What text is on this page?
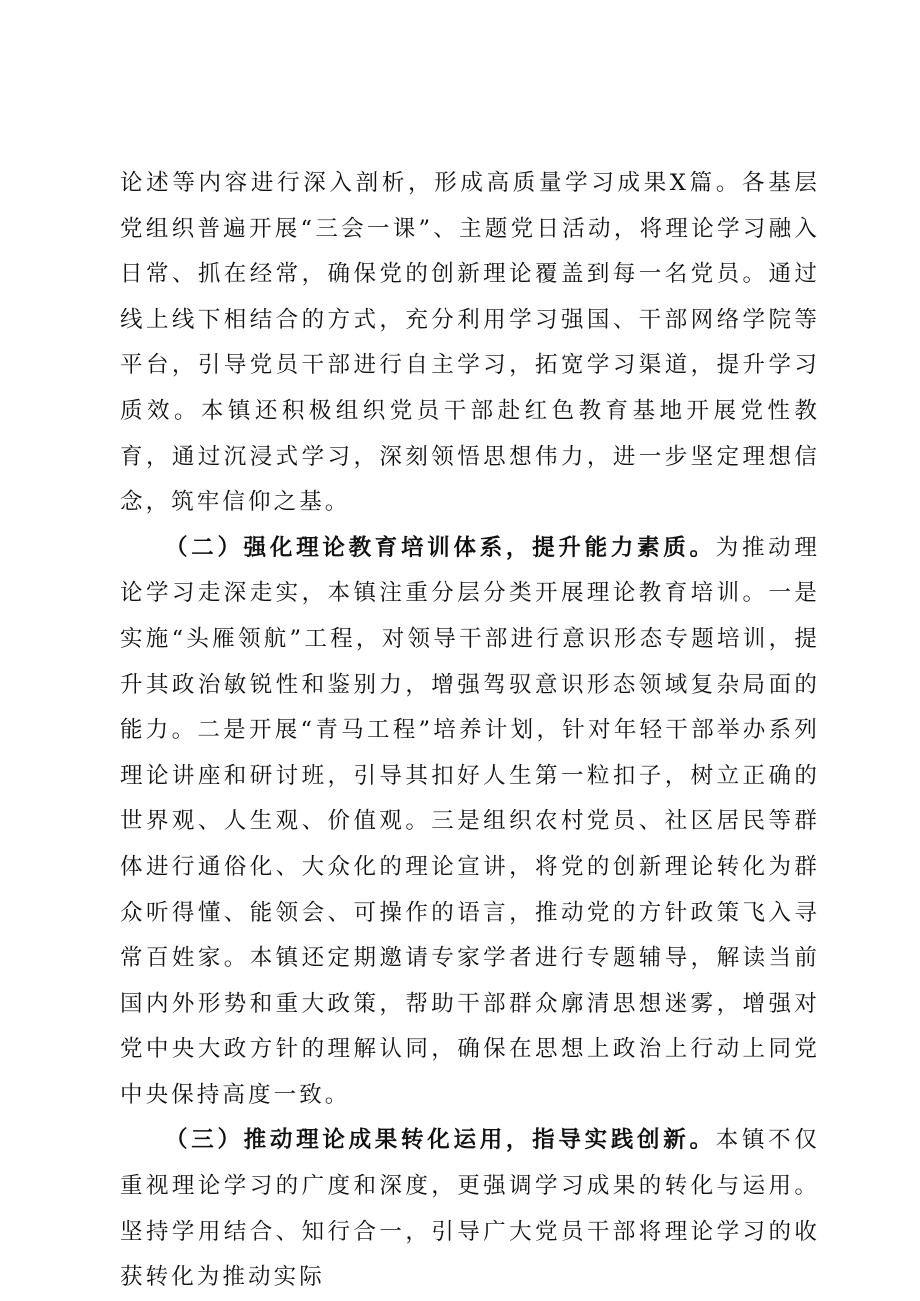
论述等内容进行深入剖析，形成高质量学习成果X篇。各基层党组织普遍开展“三会一课”、主题党日活动，将理论学习融入日常、抓在经常，确保党的创新理论覆盖到每一名党员。通过线上线下相结合的方式，充分利用学习强国、干部网络学院等平台，引导党员干部进行自主学习，拓宽学习渠道，提升学习质效。本镇还积极组织党员干部赴红色教育基地开展党性教育，通过沉浸式学习，深刻领悟思想伟力，进一步坚定理想信念，筑牢信仰之基。

（二）强化理论教育培训体系，提升能力素质。为推动理论学习走深走实，本镇注重分层分类开展理论教育培训。一是实施“头雁领航”工程，对领导干部进行意识形态专题培训，提升其政治敏锐性和鉴别力，增强驾驭意识形态领域复杂局面的能力。二是开展“青马工程”培养计划，针对年轻干部举办系列理论讲座和研讨班，引导其扣好人生第一粒扣子，树立正确的世界观、人生观、价值观。三是组织农村党员、社区居民等群体进行通俗化、大众化的理论宣讲，将党的创新理论转化为群众听得懂、能领会、可操作的语言，推动党的方针政策飞入寻常百姓家。本镇还定期邀请专家学者进行专题辅导，解读当前国内外形势和重大政策，帮助干部群众廓清思想迷雾，增强对党中央大政方针的理解认同，确保在思想上政治上行动上同党中央保持高度一致。

（三）推动理论成果转化运用，指导实践创新。本镇不仅重视理论学习的广度和深度，更强调学习成果的转化与运用。坚持学用结合、知行合一，引导广大党员干部将理论学习的收获转化为推动实际
